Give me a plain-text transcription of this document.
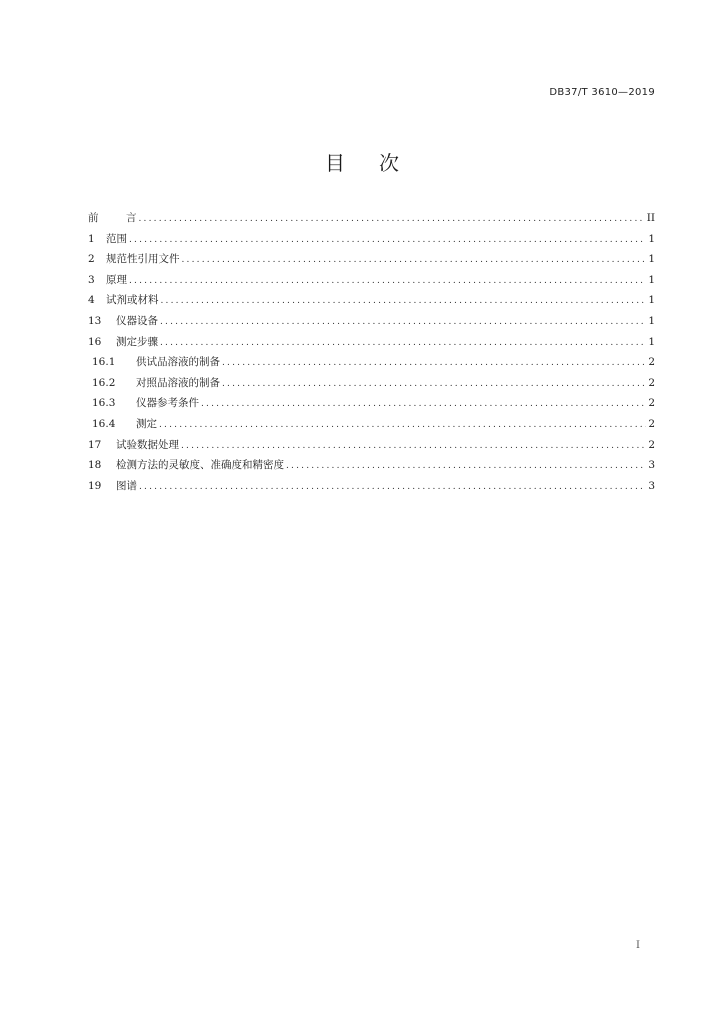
DB37/T 3610—2019
目次
前	言 .....	II
1	范围 .....	1
2	规范性引用文件 .....	1
3	原理 .....	1
4	试剂或材料 .....	1
13	仪器设备 .....	1
16	测定步骤 .....	1
16.1	供试品溶液的制备 .....	2
16.2	对照品溶液的制备 .....	2
16.3	仪器参考条件 .....	2
16.4	测定 .....	2
17	试验数据处理 .....	2
18	检测方法的灵敏度、准确度和精密度 .....	3
19	图谱 .....	3
I
